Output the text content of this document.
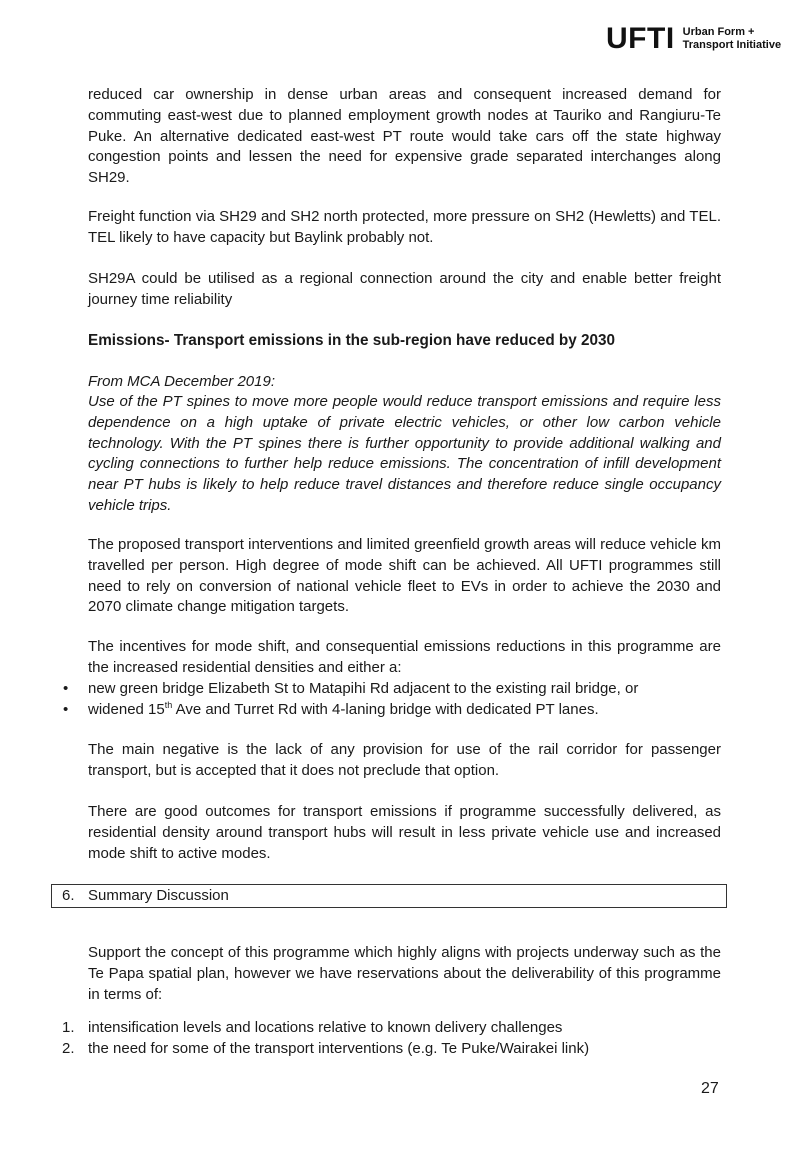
UFTI Urban Form +
Transport Initiative

reduced car ownership in dense urban areas and consequent increased demand for commuting east-west due to planned employment growth nodes at Tauriko and Rangiuru-Te Puke. An alternative dedicated east-west PT route would take cars off the state highway congestion points and lessen the need for expensive grade separated interchanges along SH29.

Freight function via SH29 and SH2 north protected, more pressure on SH2 (Hewletts) and TEL. TEL likely to have capacity but Baylink probably not.

SH29A could be utilised as a regional connection around the city and enable better freight journey time reliability

Emissions- Transport emissions in the sub-region have reduced by 2030

From MCA December 2019:

Use of the PT spines to move more people would reduce transport emissions and require less dependence on a high uptake of private electric vehicles, or other low carbon vehicle technology. With the PT spines there is further opportunity to provide additional walking and cycling connections to further help reduce emissions. The concentration of infill development near PT hubs is likely to help reduce travel distances and therefore reduce single occupancy vehicle trips.

The proposed transport interventions and limited greenfield growth areas will reduce vehicle km travelled per person. High degree of mode shift can be achieved. All UFTI programmes still need to rely on conversion of national vehicle fleet to EVs in order to achieve the 2030 and 2070 climate change mitigation targets.

The incentives for mode shift, and consequential emissions reductions in this programme are the increased residential densities and either a:

• new green bridge Elizabeth St to Matapihi Rd adjacent to the existing rail bridge, or
• widened 15th Ave and Turret Rd with 4-laning bridge with dedicated PT lanes.

The main negative is the lack of any provision for use of the rail corridor for passenger transport, but is accepted that it does not preclude that option.

There are good outcomes for transport emissions if programme successfully delivered, as residential density around transport hubs will result in less private vehicle use and increased mode shift to active modes.

Support the concept of this programme which highly aligns with projects underway such as the Te Papa spatial plan, however we have reservations about the deliverability of this programme in terms of:

1. intensification levels and locations relative to known delivery challenges
2. the need for some of the transport interventions (e.g. Te Puke/Wairakei link)
6. Summary Discussion
27
